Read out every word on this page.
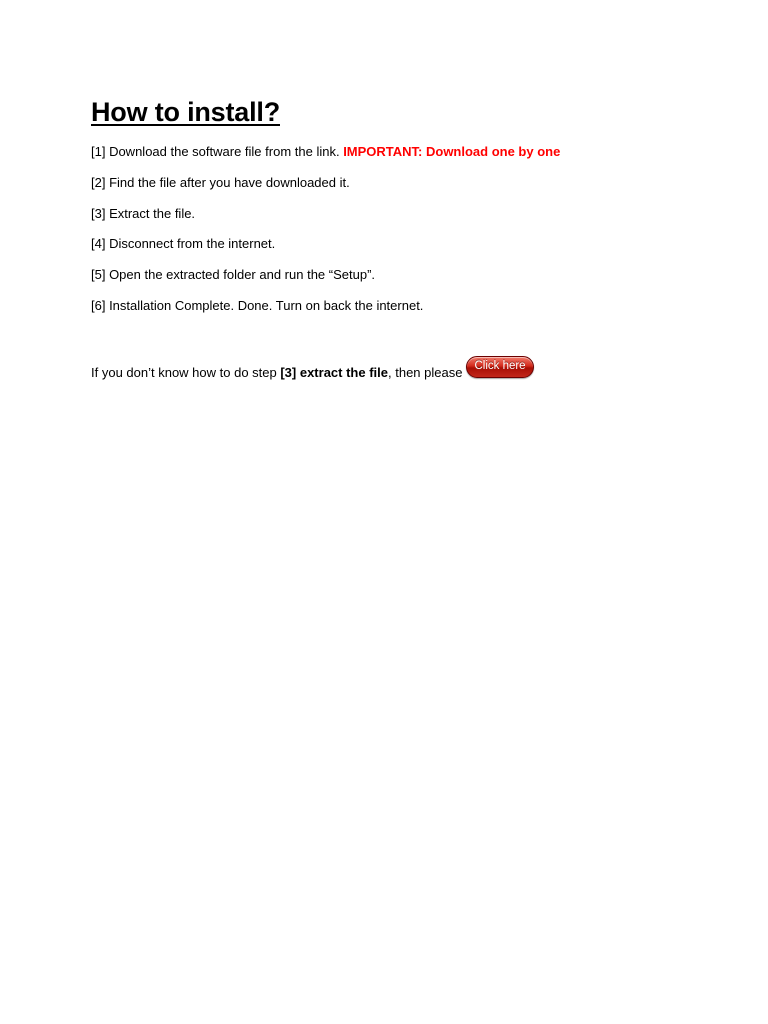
How to install?
[1] Download the software file from the link. IMPORTANT: Download one by one
[2] Find the file after you have downloaded it.
[3] Extract the file.
[4] Disconnect from the internet.
[5] Open the extracted folder and run the “Setup”.
[6] Installation Complete. Done. Turn on back the internet.
If you don’t know how to do step [3] extract the file , then please	Click here
